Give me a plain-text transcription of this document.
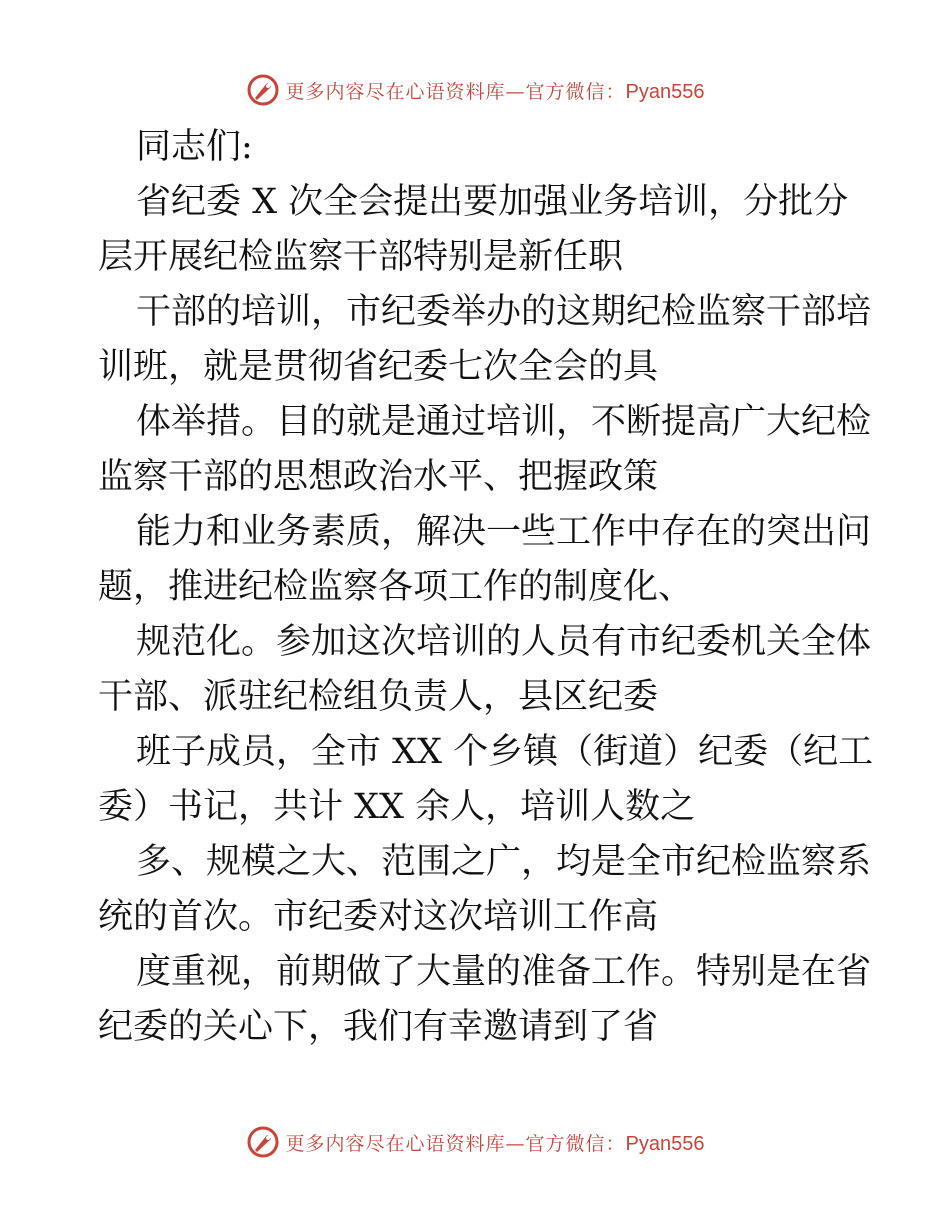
更多内容尽在心语资料库—官方微信：Pyan556
同志们:
省纪委 X 次全会提出要加强业务培训，分批分
层开展纪检监察干部特别是新任职
干部的培训，市纪委举办的这期纪检监察干部培
训班，就是贯彻省纪委七次全会的具
体举措。目的就是通过培训，不断提高广大纪检
监察干部的思想政治水平、把握政策
能力和业务素质，解决一些工作中存在的突出问
题，推进纪检监察各项工作的制度化、
规范化。参加这次培训的人员有市纪委机关全体
干部、派驻纪检组负责人，县区纪委
班子成员，全市 XX 个乡镇（街道）纪委（纪工
委）书记，共计 XX 余人，培训人数之
多、规模之大、范围之广，均是全市纪检监察系
统的首次。市纪委对这次培训工作高
度重视，前期做了大量的准备工作。特别是在省
纪委的关心下，我们有幸邀请到了省
更多内容尽在心语资料库—官方微信：Pyan556
